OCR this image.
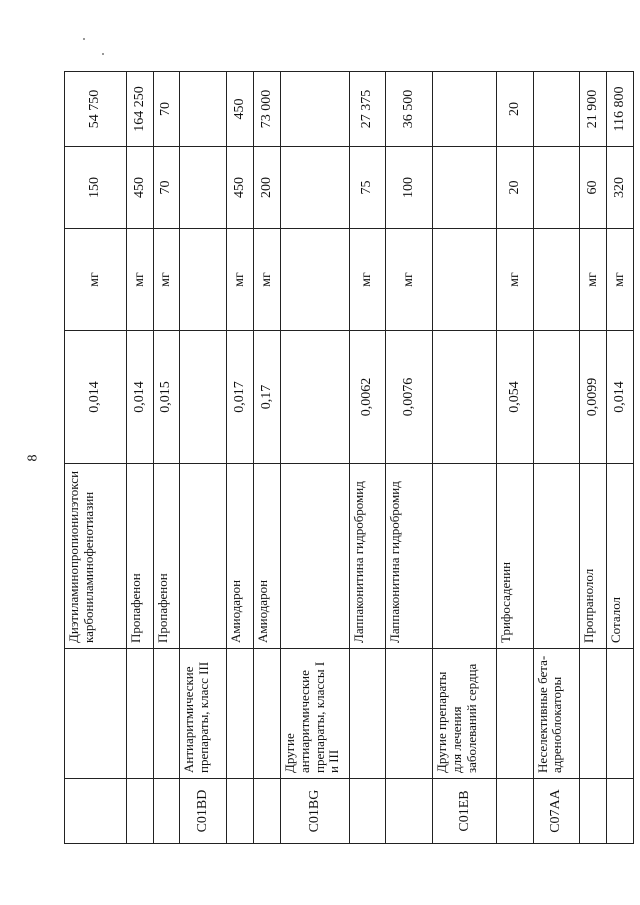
8
		Диэтиламинопропионилэтоксикарбониламинофенотиазин	0,014	мг	150	54 750
		Пропафенон	0,014	мг	450	164 250
		Пропафенон	0,015	мг	70	70
C01BD	Антиаритмические препараты, класс III					
		Амиодарон	0,017	мг	450	450
		Амиодарон	0,17	мг	200	73 000
C01BG	Другие антиаритмические препараты, классы I и III					
		Лаппаконитина гидробромид	0,0062	мг	75	27 375
		Лаппаконитина гидробромид	0,0076	мг	100	36 500
C01EB	Другие препараты для лечения заболеваний сердца					
		Трифосаденин	0,054	мг	20	20
C07AA	Неселективные бета-адреноблокаторы					
		Пропранолол	0,0099	мг	60	21 900
		Соталол	0,014	мг	320	116 800
